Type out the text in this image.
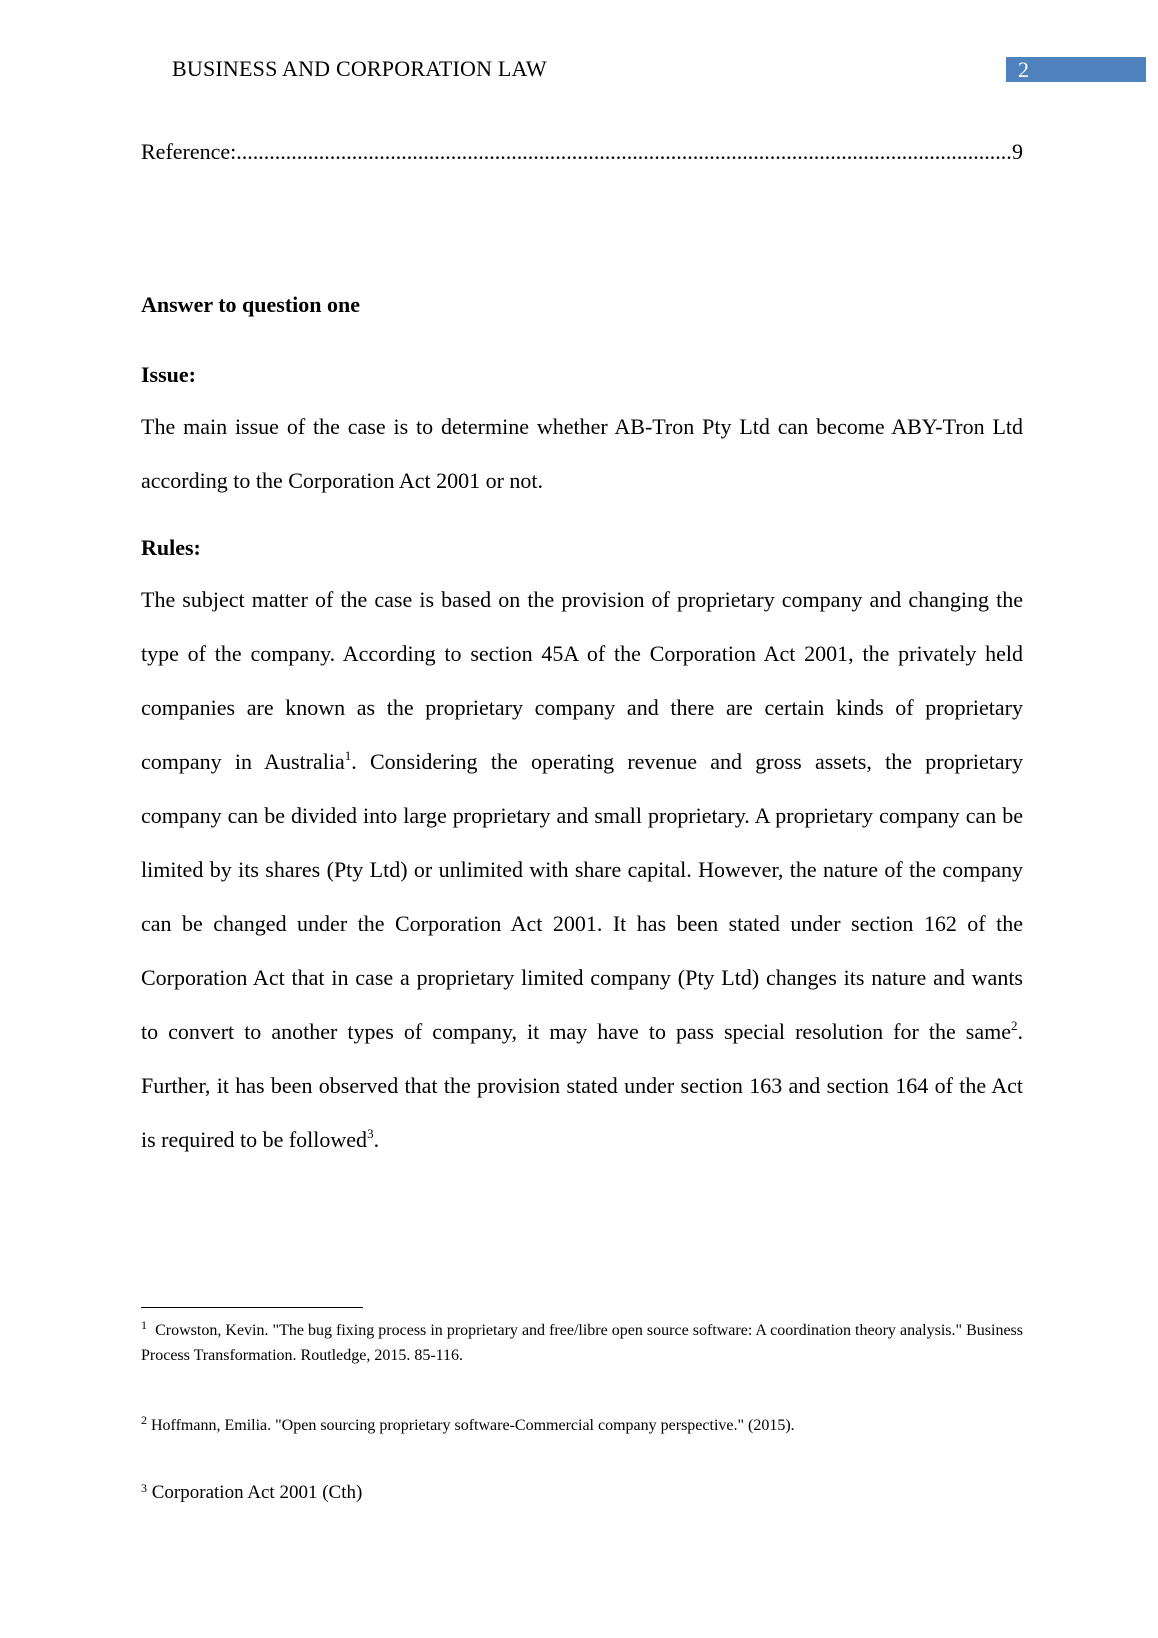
BUSINESS AND CORPORATION LAW	2
Reference:
.....	9
Answer to question one
Issue:
The main issue of the case is to determine whether AB-Tron Pty Ltd can become ABY-Tron Ltd according to the Corporation Act 2001 or not.
Rules:
The subject matter of the case is based on the provision of proprietary company and changing the type of the company. According to section 45A of the Corporation Act 2001, the privately held companies are known as the proprietary company and there are certain kinds of proprietary company in Australia$^1$. Considering the operating revenue and gross assets, the proprietary company can be divided into large proprietary and small proprietary. A proprietary company can be limited by its shares (Pty Ltd) or unlimited with share capital. However, the nature of the company can be changed under the Corporation Act 2001. It has been stated under section 162 of the Corporation Act that in case a proprietary limited company (Pty Ltd) changes its nature and wants to convert to another types of company, it may have to pass special resolution for the same$^2$. Further, it has been observed that the provision stated under section 163 and section 164 of the Act is required to be followed$^3$.
$^1$ Crowston, Kevin. "The bug fixing process in proprietary and free/libre open source software: A coordination theory analysis." Business Process Transformation. Routledge, 2015. 85-116.
$^2$ Hoffmann, Emilia. "Open sourcing proprietary software-Commercial company perspective." (2015).
$^3$ Corporation Act 2001 (Cth)
